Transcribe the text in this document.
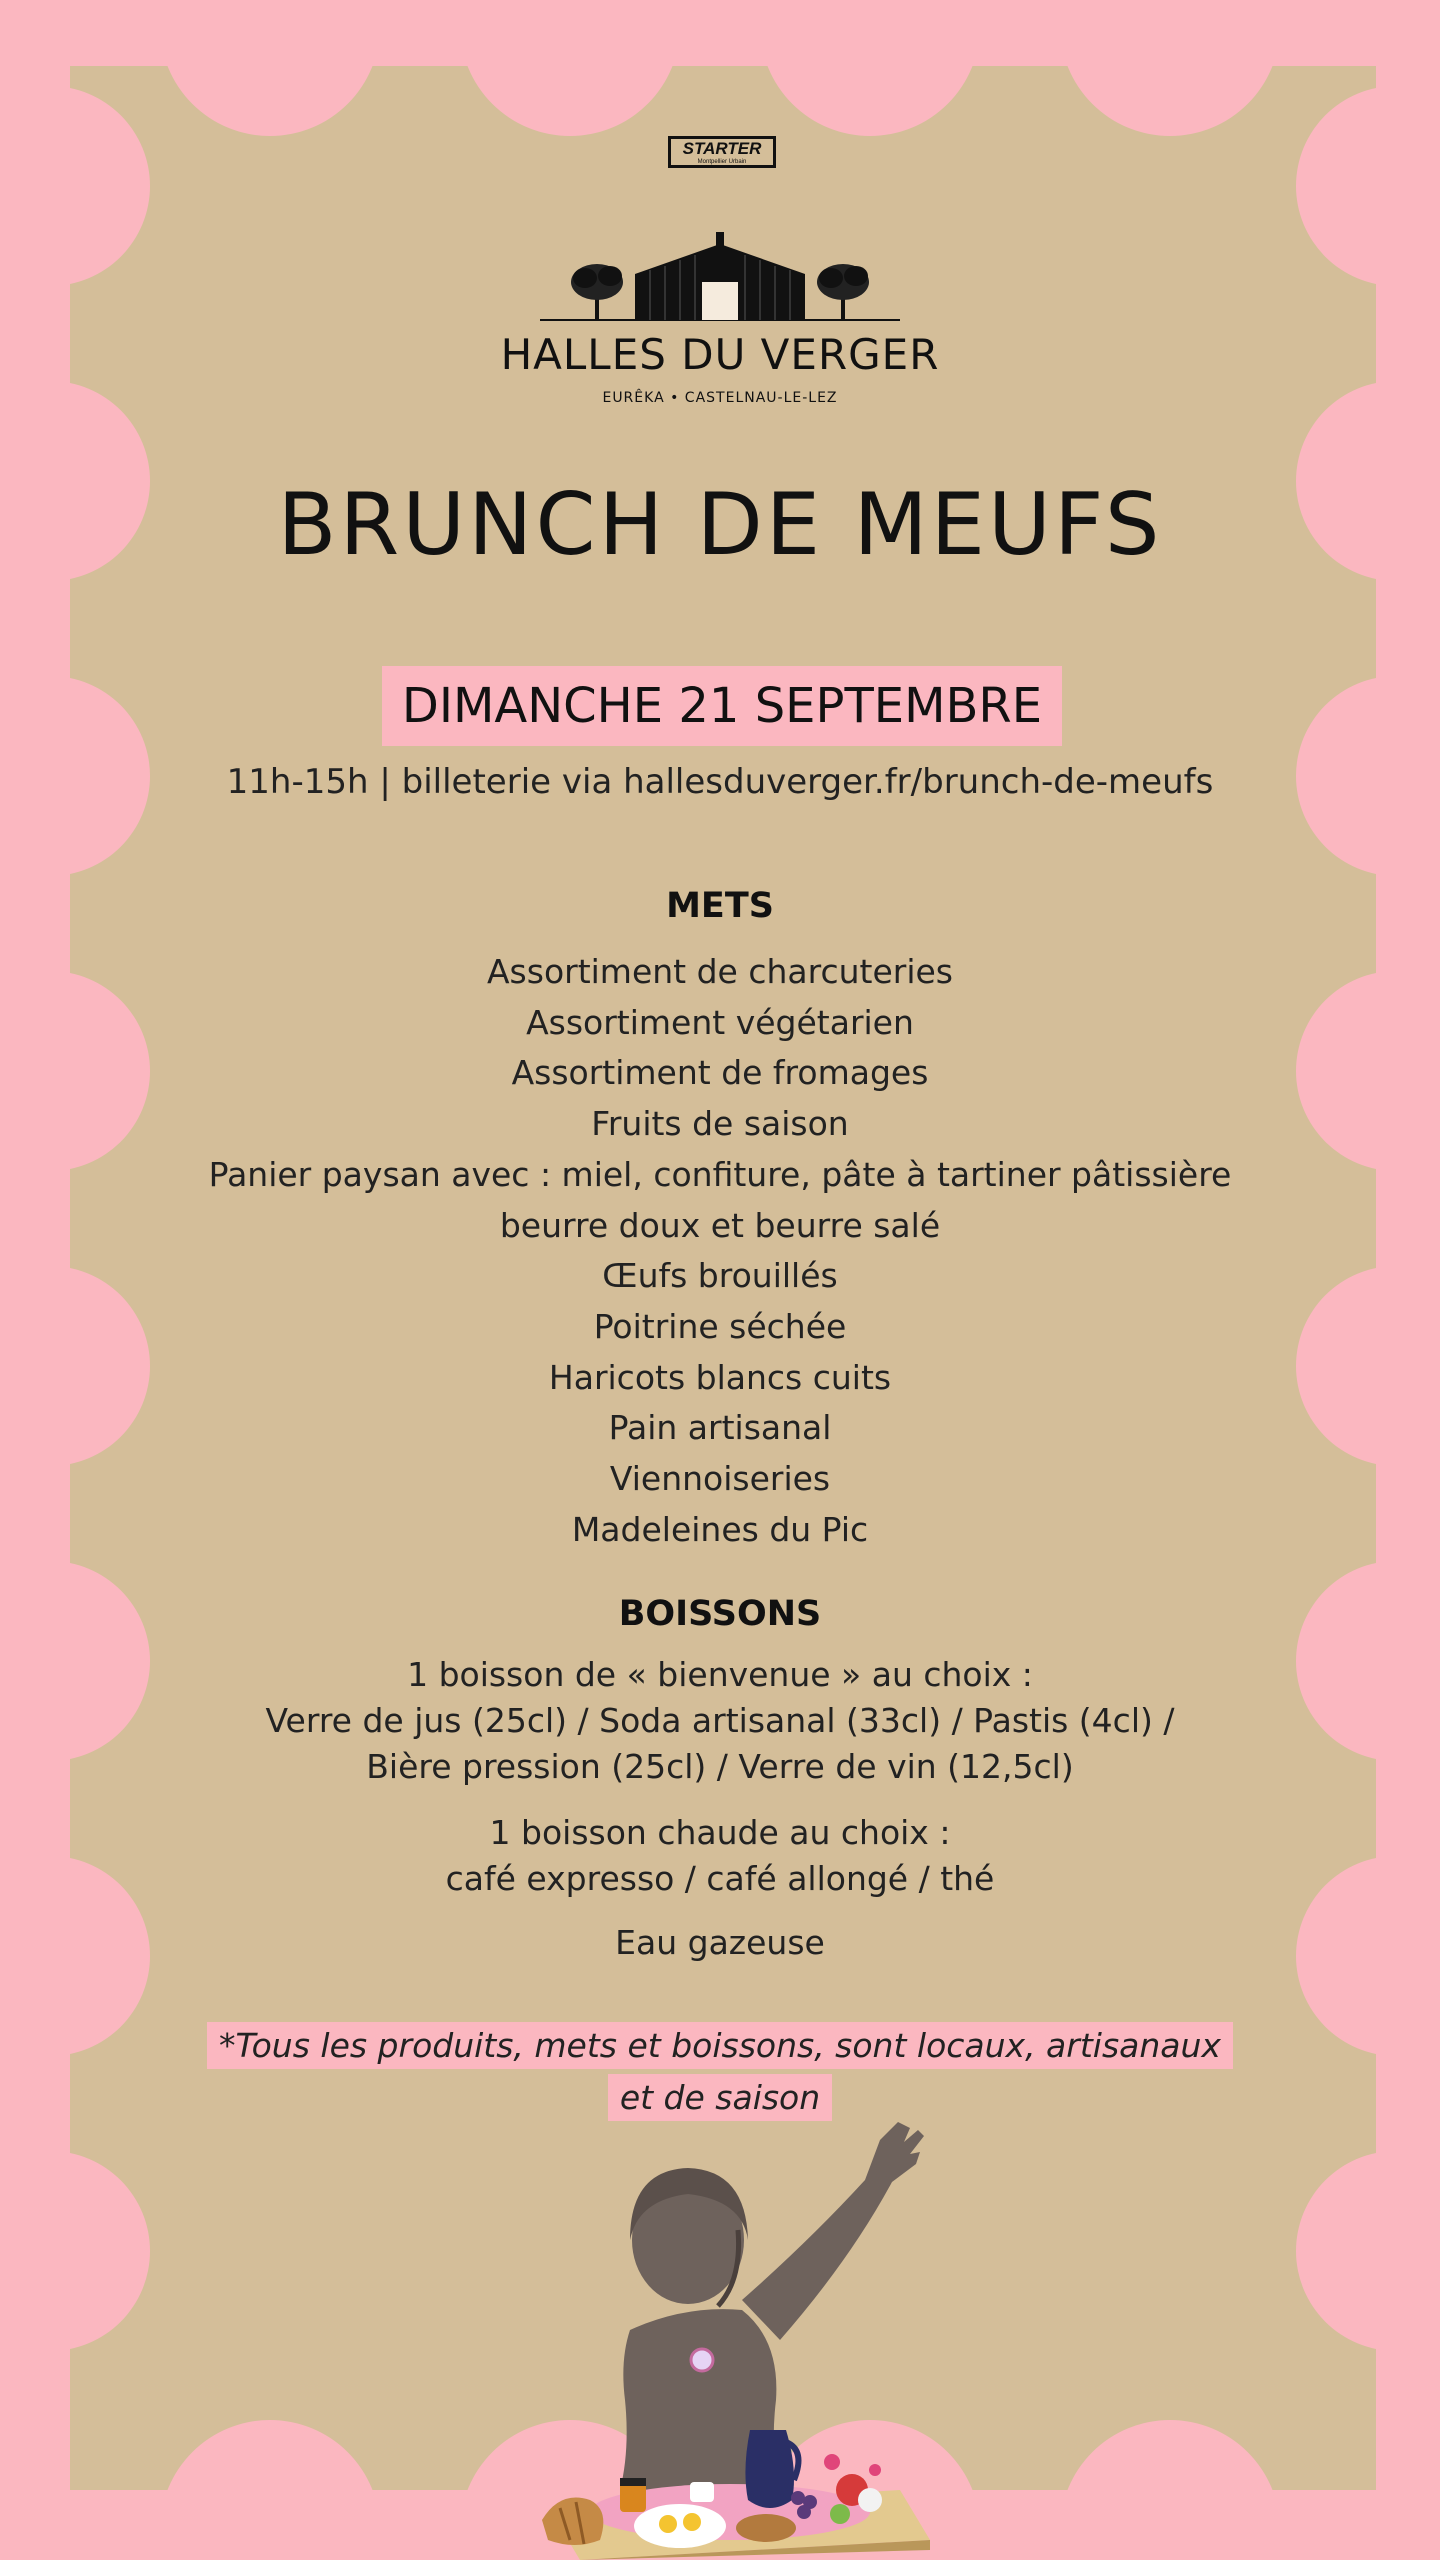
STARTER
Montpellier Urbain
HALLES DU VERGER
EURÊKA • CASTELNAU-LE-LEZ
BRUNCH DE MEUFS
DIMANCHE 21 SEPTEMBRE
11h-15h | billeterie via hallesduverger.fr/brunch-de-meufs
METS
Assortiment de charcuteries
Assortiment végétarien
Assortiment de fromages
Fruits de saison
Panier paysan avec : miel, confiture, pâte à tartiner pâtissière
beurre doux et beurre salé
Œufs brouillés
Poitrine séchée
Haricots blancs cuits
Pain artisanal
Viennoiseries
Madeleines du Pic
BOISSONS
1 boisson de « bienvenue » au choix :
Verre de jus (25cl) / Soda artisanal (33cl) / Pastis (4cl) /
Bière pression (25cl) / Verre de vin (12,5cl)
1 boisson chaude au choix :
café expresso / café allongé / thé
Eau gazeuse
*Tous les produits, mets et boissons, sont locaux, artisanaux
et de saison
